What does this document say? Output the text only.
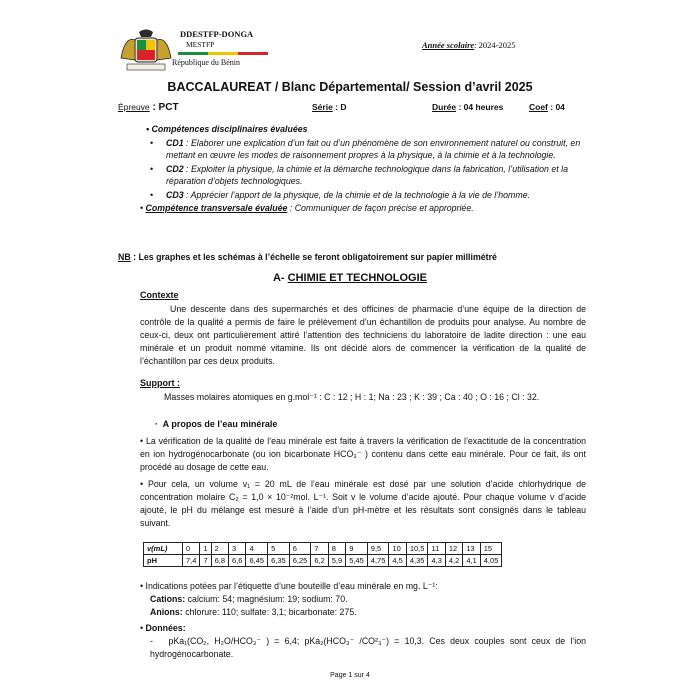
DDESTFP-DONGA
MESTFP
République du Bénin
Année scolaire: 2024-2025
BACCALAUREAT / Blanc Départemental/ Session d’avril 2025
Épreuve : PCT	Série : D	Durée : 04 heures	Coef : 04
• Compétences disciplinaires évaluées
• CD1 : Elaborer une explication d’un fait ou d’un phénomène de son environnement naturel ou construit, en mettant en œuvre les modes de raisonnement propres à la physique, à la chimie et à la technologie.
• CD2 : Exploiter la physique, la chimie et la démarche technologique dans la fabrication, l’utilisation et la réparation d’objets technologiques.
• CD3 : Apprécier l’apport de la physique, de la chimie et de la technologie à la vie de l’homme.
• Compétence transversale évaluée : Communiquer de façon précise et appropriée.
NB : Les graphes et les schémas à l’échelle se feront obligatoirement sur papier millimétré
A- CHIMIE ET TECHNOLOGIE
Contexte

Une descente dans des supermarchés et des officines de pharmacie d’une équipe de la direction de contrôle de la qualité a permis de faire le prélèvement d’un échantillon de produits pour analyse. Au nombre de ceux-ci, deux ont particulièrement attiré l’attention des techniciens du laboratoire de ladite direction : une eau minérale et un produit nommé vitamine. Ils ont décidé alors de commencer la vérification de la qualité de l’échantillon par ces deux produits.

Support :

Masses molaires atomiques en g.mol⁻¹ : C : 12 ; H : 1; Na : 23 ; K : 39 ; Ca : 40 ; O : 16 ; Cl : 32.

· A propos de l’eau minérale

• La vérification de la qualité de l’eau minérale est faite à travers la vérification de l’exactitude de la concentration en ion hydrogénocarbonate (ou ion bicarbonate HCO₃⁻ ) contenu dans cette eau minérale. Pour ce fait, ils ont procédé au dosage de cette eau.

• Pour cela, un volume v₁ = 20 mL de l’eau minérale est dosé par une solution d’acide chlorhydrique de concentration molaire C₂ = 1,0 × 10⁻²mol. L⁻¹. Soit v le volume d’acide ajouté. Pour chaque volume v d’acide ajouté, le pH du mélange est mesuré à l’aide d’un pH-mètre et les résultats sont consignés dans le tableau suivant.

v(mL)	0	1	2	3	4	5	6	7	8	9	9,5	10	10,5	11	12	13	15
pH	7,4	7	6,8	6,6	6,45	6,35	6,25	6,2	5,9	5,45	4,75	4,5	4,35	4,3	4,2	4,1	4,05
• Indications potées par l’étiquette d’une bouteille d’eau minérale en mg. L⁻¹:
Cations: calcium: 54; magnésium: 19; sodium: 70.
Anions: chlorure: 110; sulfate: 3,1; bicarbonate: 275.
• Données:
- pKa₁(CO₂, H₂O/HCO₃⁻ ) = 6,4; pKa₂(HCO₃⁻ /CO²₃⁻) = 10,3. Ces deux couples sont ceux de l’ion hydrogénocarbonate.
Page 1 sur 4
